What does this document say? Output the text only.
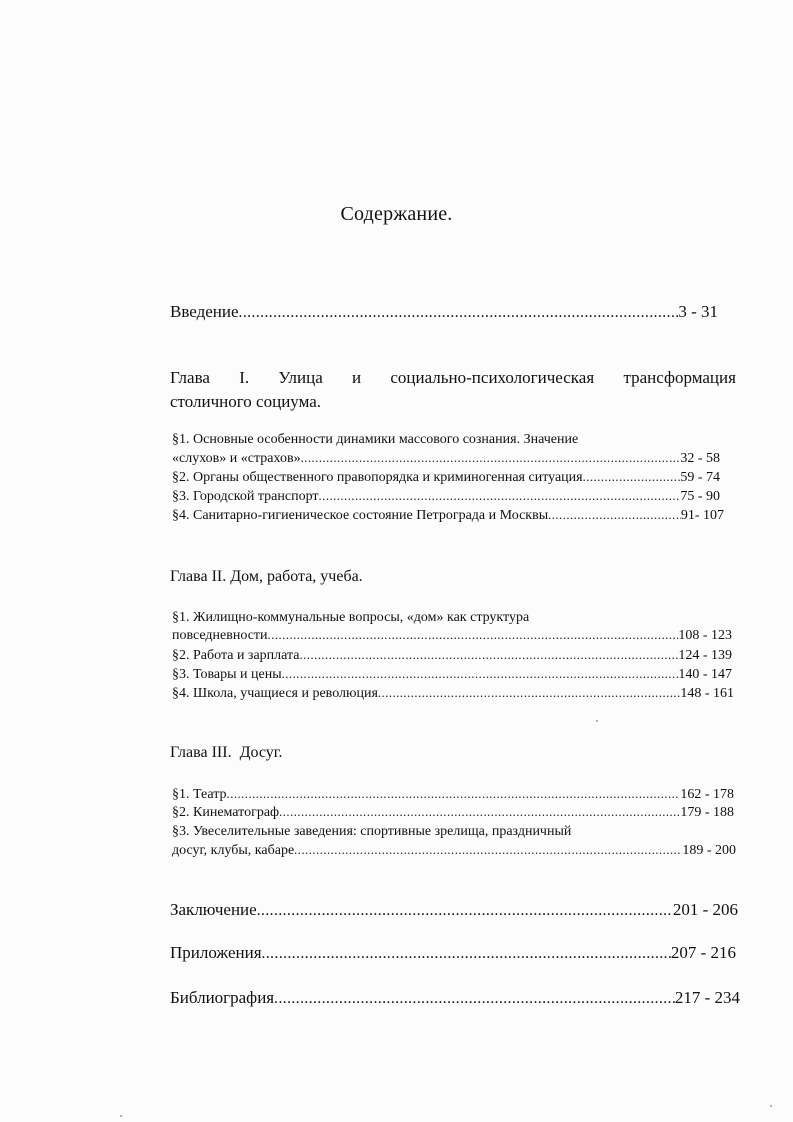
Содержание.
Введение .....	3 - 31
Глава I. Улица и социально-психологическая трансформация
столичного социума.
§1. Основные особенности динамики массового сознания. Значение
«слухов» и «страхов» .....	32 - 58
§2. Органы общественного правопорядка и криминогенная ситуация .....	59 - 74
§3. Городской транспорт .....	75 - 90
§4. Санитарно-гигиеническое состояние Петрограда и Москвы .....	91- 107
Глава II. Дом, работа, учеба.
§1. Жилищно-коммунальные вопросы, «дом» как структура
повседневности .....	108 - 123
§2. Работа и зарплата .....	124 - 139
§3. Товары и цены .....	140 - 147
§4. Школа, учащиеся и революция .....	148 - 161
Глава III.  Досуг.
§1. Театр .....	162 - 178
§2. Кинематограф .....	179 - 188
§3. Увеселительные заведения: спортивные зрелища, праздничный
досуг, клубы, кабаре .....	189 - 200
Заключение .....	201 - 206
Приложения .....	207 - 216
Библиография .....	217 - 234
